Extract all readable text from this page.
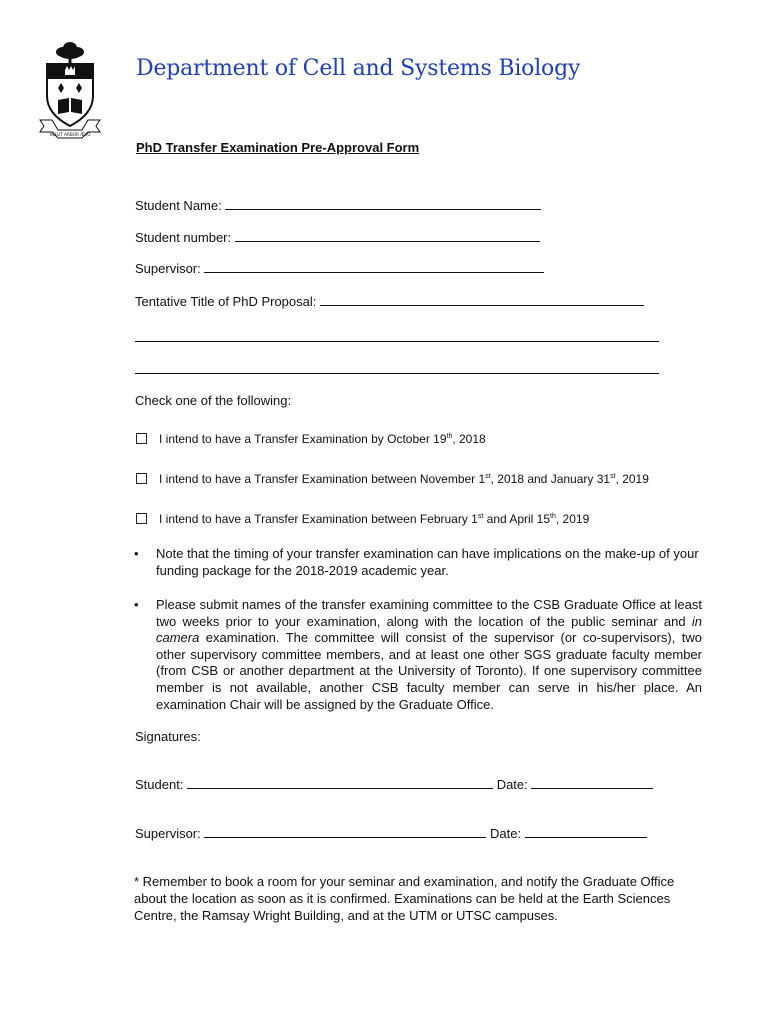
VELUT ARBOR ÆVO
Department of Cell and Systems Biology
PhD Transfer Examination Pre-Approval Form
Student Name:
Student number:
Supervisor:
Tentative Title of PhD Proposal:
Check one of the following:
I intend to have a Transfer Examination by October 19th, 2018
I intend to have a Transfer Examination between November 1st, 2018 and January 31st, 2019
I intend to have a Transfer Examination between February 1st and April 15th, 2019
• Note that the timing of your transfer examination can have implications on the make-up of your funding package for the 2018-2019 academic year.
• Please submit names of the transfer examining committee to the CSB Graduate Office at least two weeks prior to your examination, along with the location of the public seminar and in camera examination. The committee will consist of the supervisor (or co-supervisors), two other supervisory committee members, and at least one other SGS graduate faculty member (from CSB or another department at the University of Toronto). If one supervisory committee member is not available, another CSB faculty member can serve in his/her place. An examination Chair will be assigned by the Graduate Office.
Signatures:
Student:	Date:
Supervisor:	Date:
* Remember to book a room for your seminar and examination, and notify the Graduate Office about the location as soon as it is confirmed. Examinations can be held at the Earth Sciences Centre, the Ramsay Wright Building, and at the UTM or UTSC campuses.
